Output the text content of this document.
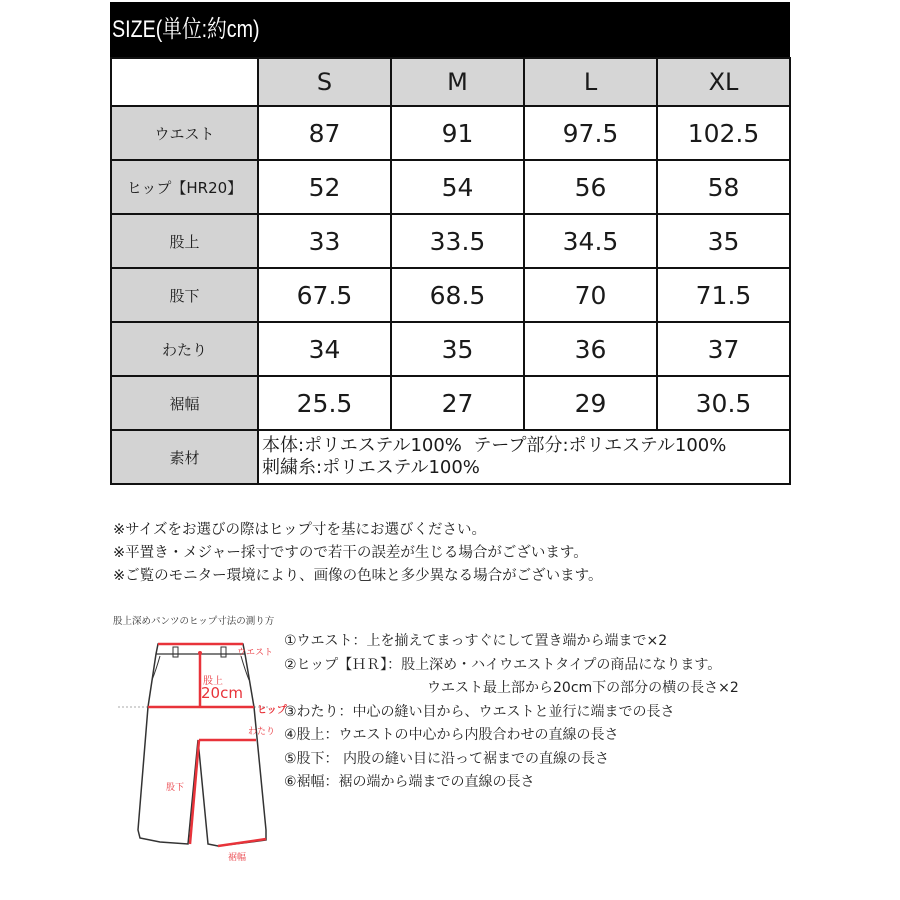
SIZE(単位:約cm)
	S	M	L	XL
ウエスト	87	91	97.5	102.5
ヒップ【HR20】	52	54	56	58
股上	33	33.5	34.5	35
股下	67.5	68.5	70	71.5
わたり	34	35	36	37
裾幅	25.5	27	29	30.5
素材	本体:ポリエステル100%  テープ部分:ポリエステル100%
刺繍糸:ポリエステル100%			
※サイズをお選びの際はヒップ寸を基にお選びください。
※平置き・メジャー採寸ですので若干の誤差が生じる場合がございます。
※ご覧のモニター環境により、画像の色味と多少異なる場合がございます。
股上深めパンツのヒップ寸法の測り方
ウエスト
股上
20cm
ヒップ
わたり
股下
裾幅
①ウエスト：上を揃えてまっすぐにして置き端から端まで×2
②ヒップ【ＨＲ】：股上深め・ハイウエストタイプの商品になります。
ウエスト最上部から20cm下の部分の横の長さ×2
③わたり：中心の縫い目から、ウエストと並行に端までの長さ
④股上：ウエストの中心から内股合わせの直線の長さ
⑤股下： 内股の縫い目に沿って裾までの直線の長さ
⑥裾幅：裾の端から端までの直線の長さ
